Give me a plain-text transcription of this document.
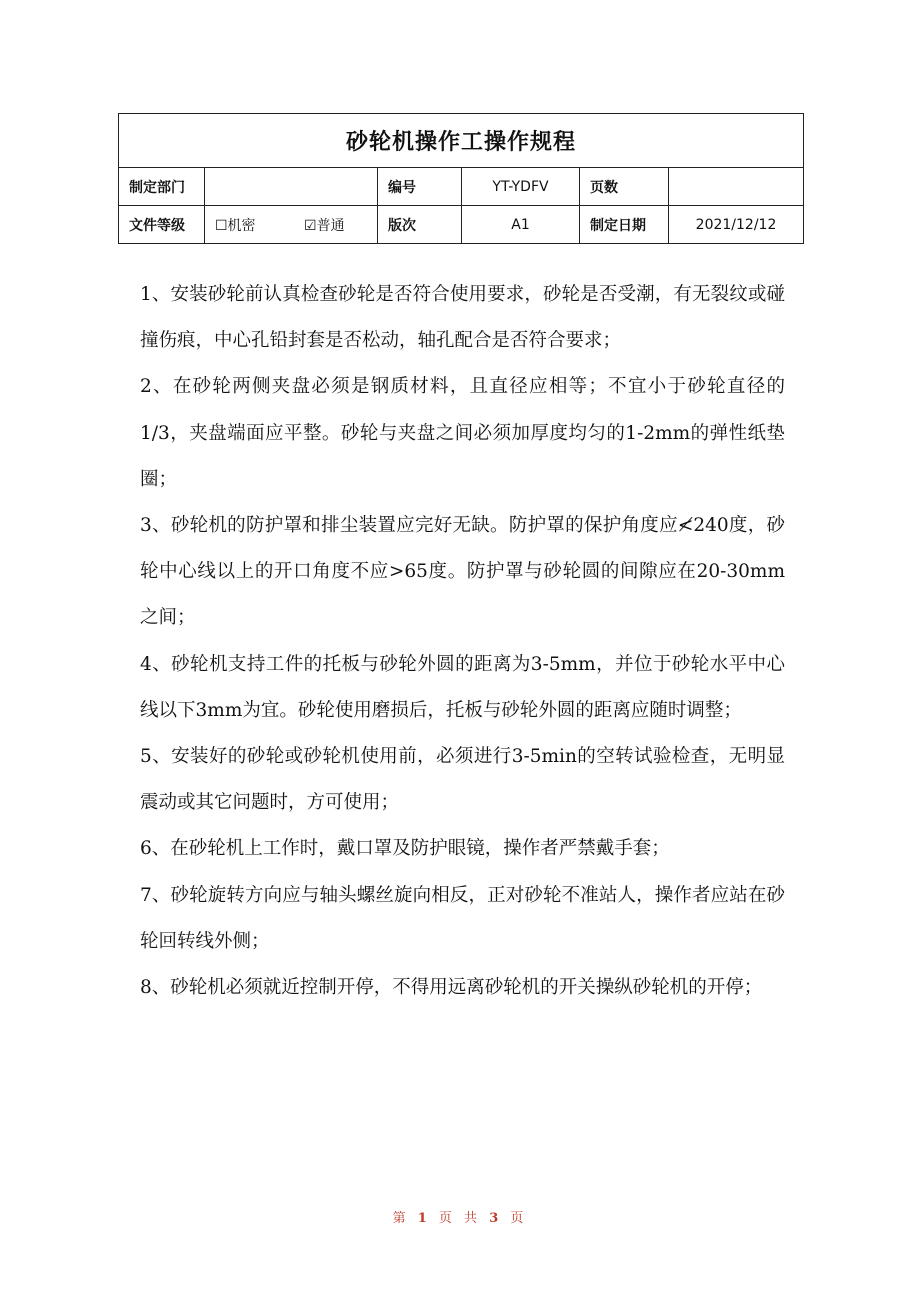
砂轮机操作工操作规程					
制定部门		编号	YT-YDFV	页数	
文件等级	☐机密 ☑普通	版次	A1	制定日期	2021/12/12

1、安装砂轮前认真检查砂轮是否符合使用要求，砂轮是否受潮，有无裂纹或碰撞伤痕，中心孔铅封套是否松动，轴孔配合是否符合要求；

2、在砂轮两侧夹盘必须是钢质材料，且直径应相等；不宜小于砂轮直径的1/3，夹盘端面应平整。砂轮与夹盘之间必须加厚度均匀的1-2mm的弹性纸垫圈；

3、砂轮机的防护罩和排尘装置应完好无缺。防护罩的保护角度应≮240度，砂轮中心线以上的开口角度不应>65度。防护罩与砂轮圆的间隙应在20-30mm之间；

4、砂轮机支持工件的托板与砂轮外圆的距离为3-5mm，并位于砂轮水平中心线以下3mm为宜。砂轮使用磨损后，托板与砂轮外圆的距离应随时调整；

5、安装好的砂轮或砂轮机使用前，必须进行3-5min的空转试验检查，无明显震动或其它问题时，方可使用；

6、在砂轮机上工作时，戴口罩及防护眼镜，操作者严禁戴手套；

7、砂轮旋转方向应与轴头螺丝旋向相反，正对砂轮不准站人，操作者应站在砂轮回转线外侧；

8、砂轮机必须就近控制开停，不得用远离砂轮机的开关操纵砂轮机的开停；

第 1 页 共 3 页
